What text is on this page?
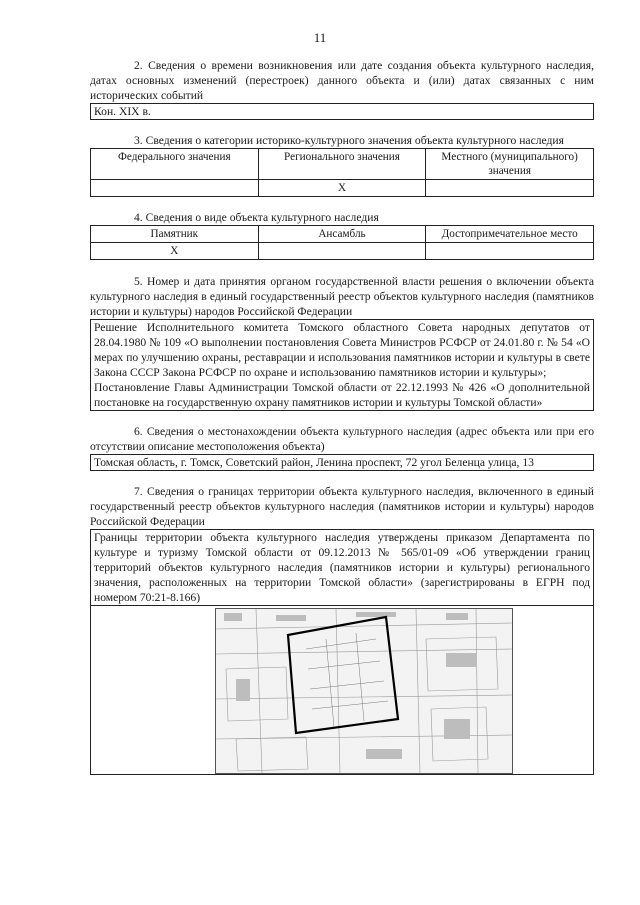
11

2. Сведения о времени возникновения или дате создания объекта культурного наследия, датах основных изменений (перестроек) данного объекта и (или) датах связанных с ним исторических событий

Кон. XIX в.

3. Сведения о категории историко-культурного значения объекта культурного наследия

Федерального значения	Регионального значения	Местного (муниципального) значения
	Х	

4. Сведения о виде объекта культурного наследия

Памятник	Ансамбль	Достопримечательное место
Х		

5. Номер и дата принятия органом государственной власти решения о включении объекта культурного наследия в единый государственный реестр объектов культурного наследия (памятников истории и культуры) народов Российской Федерации

Решение Исполнительного комитета Томского областного Совета народных депутатов от 28.04.1980 № 109 «О выполнении постановления Совета Министров РСФСР от 24.01.80 г. № 54 «О мерах по улучшению охраны, реставрации и использования памятников истории и культуры в свете Закона СССР Закона РСФСР по охране и использованию памятников истории и культуры»;

Постановление Главы Администрации Томской области от 22.12.1993 № 426 «О дополнительной постановке на государственную охрану памятников истории и культуры Томской области»

6. Сведения о местонахождении объекта культурного наследия (адрес объекта или при его отсутствии описание местоположения объекта)

Томская область, г. Томск, Советский район, Ленина проспект, 72 угол Беленца улица, 13

7. Сведения о границах территории объекта культурного наследия, включенного в единый государственный реестр объектов культурного наследия (памятников истории и культуры) народов Российской Федерации

Границы территории объекта культурного наследия утверждены приказом Департамента по культуре и туризму Томской области от 09.12.2013 № 565/01-09 «Об утверждении границ территорий объектов культурного наследия (памятников истории и культуры) регионального значения, расположенных на территории Томской области» (зарегистрированы в ЕГРН под номером 70:21-8.166)
